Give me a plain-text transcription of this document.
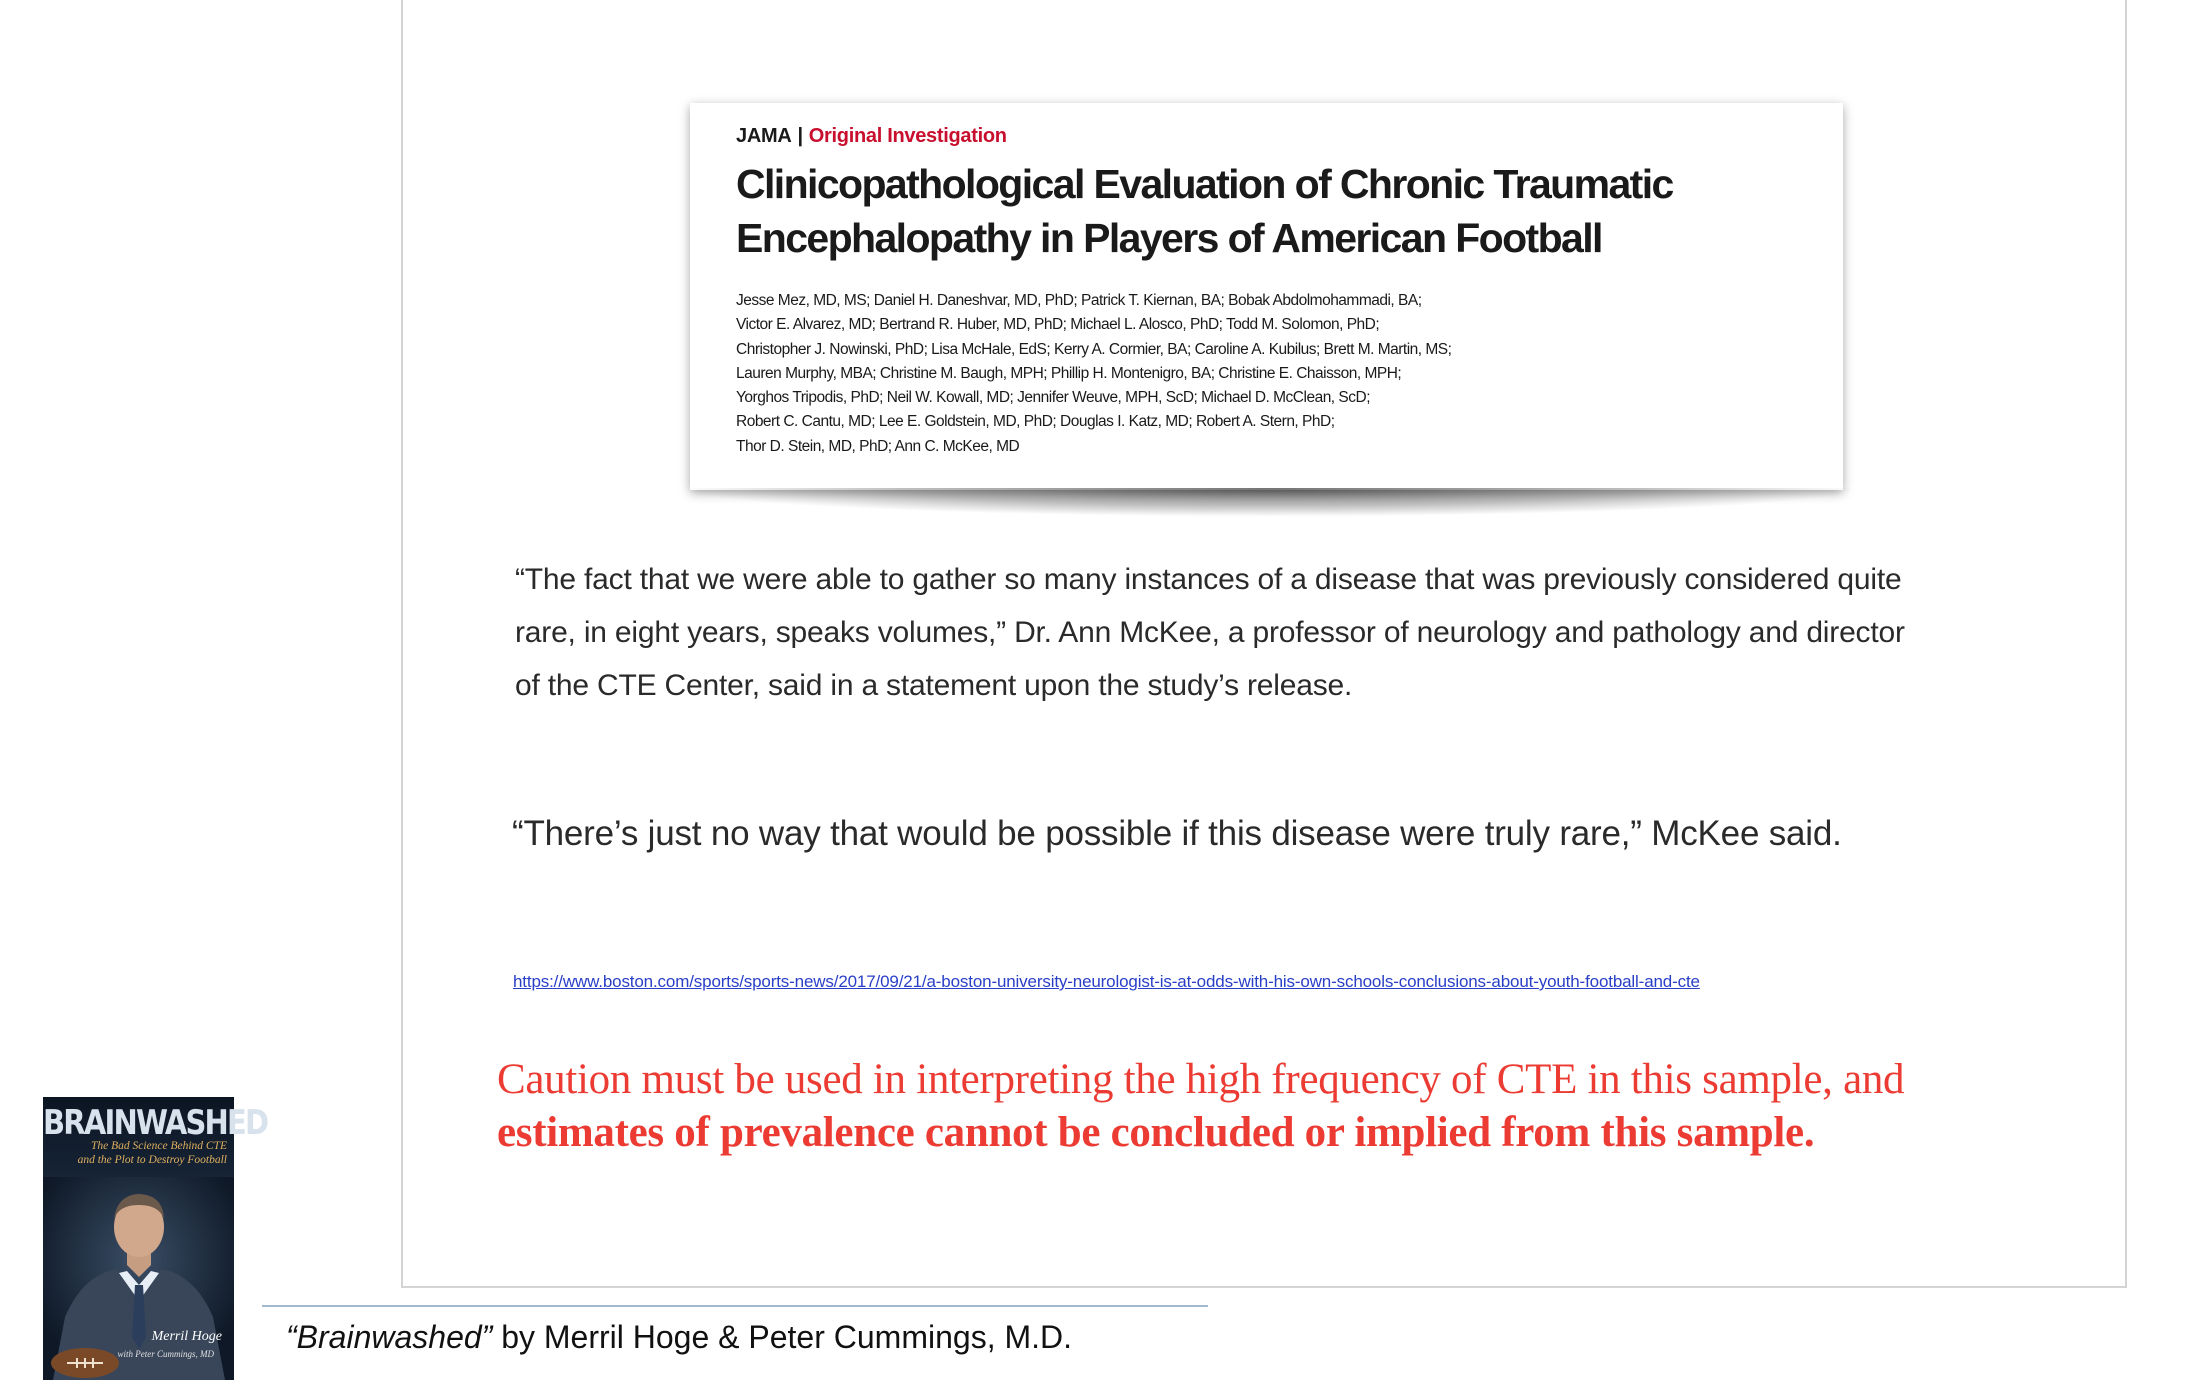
JAMA | Original Investigation
Clinicopathological Evaluation of Chronic Traumatic Encephalopathy in Players of American Football
Jesse Mez, MD, MS; Daniel H. Daneshvar, MD, PhD; Patrick T. Kiernan, BA; Bobak Abdolmohammadi, BA;
Victor E. Alvarez, MD; Bertrand R. Huber, MD, PhD; Michael L. Alosco, PhD; Todd M. Solomon, PhD;
Christopher J. Nowinski, PhD; Lisa McHale, EdS; Kerry A. Cormier, BA; Caroline A. Kubilus; Brett M. Martin, MS;
Lauren Murphy, MBA; Christine M. Baugh, MPH; Phillip H. Montenigro, BA; Christine E. Chaisson, MPH;
Yorghos Tripodis, PhD; Neil W. Kowall, MD; Jennifer Weuve, MPH, ScD; Michael D. McClean, ScD;
Robert C. Cantu, MD; Lee E. Goldstein, MD, PhD; Douglas I. Katz, MD; Robert A. Stern, PhD;
Thor D. Stein, MD, PhD; Ann C. McKee, MD

“The fact that we were able to gather so many instances of a disease that was previously considered quite rare, in eight years, speaks volumes,” Dr. Ann McKee, a professor of neurology and pathology and director of the CTE Center, said in a statement upon the study’s release.

“There’s just no way that would be possible if this disease were truly rare,” McKee said.

https://www.boston.com/sports/sports-news/2017/09/21/a-boston-university-neurologist-is-at-odds-with-his-own-schools-conclusions-about-youth-football-and-cte
Caution must be used in interpreting the high frequency of CTE in this sample, and
estimates of prevalence cannot be concluded or implied from this sample.
BRAINWASHED
The Bad Science Behind CTE
and the Plot to Destroy Football
Merril Hoge
with Peter Cummings, MD “Brainwashed” by Merril Hoge & Peter Cummings, M.D.
